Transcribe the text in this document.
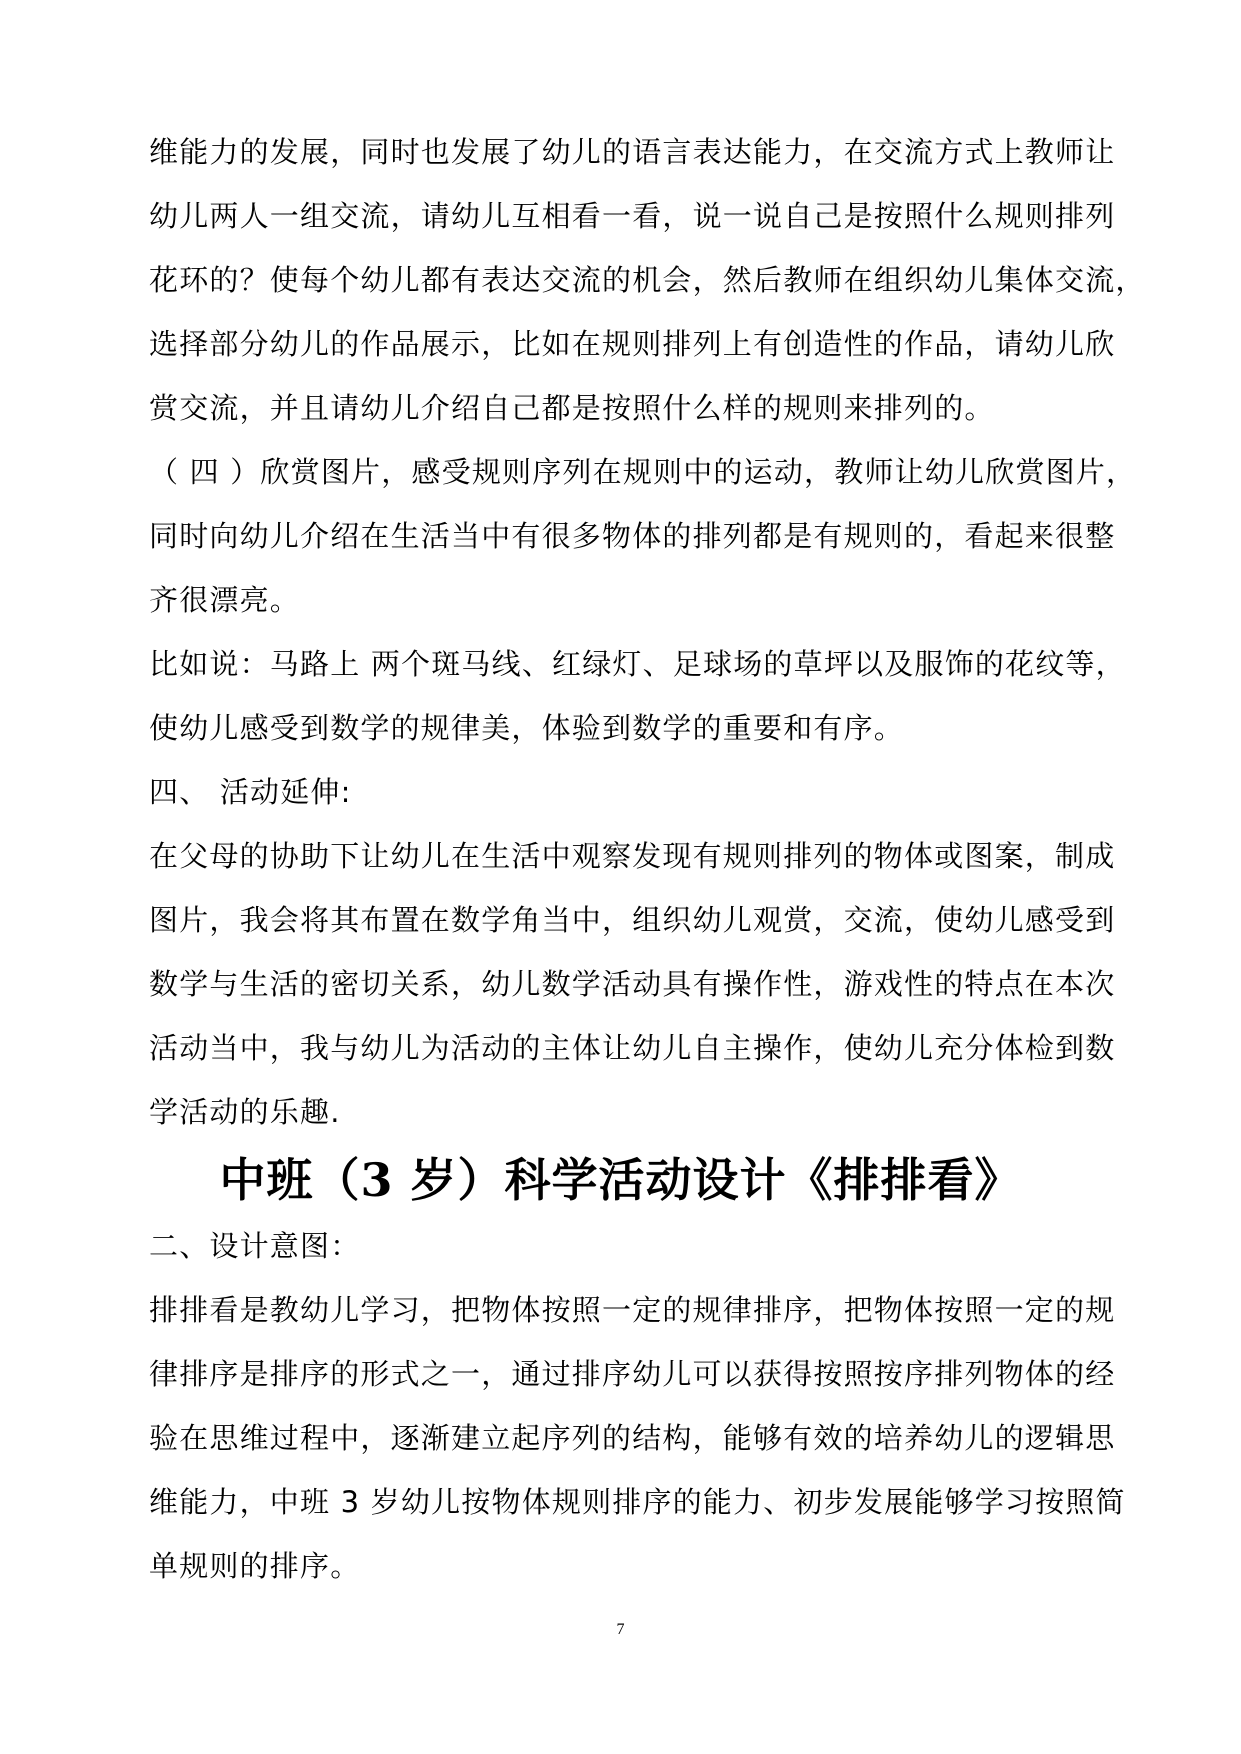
维能力的发展，同时也发展了幼儿的语言表达能力，在交流方式上教师让
幼儿两人一组交流，请幼儿互相看一看，说一说自己是按照什么规则排列
花环的？使每个幼儿都有表达交流的机会，然后教师在组织幼儿集体交流，
选择部分幼儿的作品展示，比如在规则排列上有创造性的作品，请幼儿欣
赏交流，并且请幼儿介绍自己都是按照什么样的规则来排列的。
（ 四 ）欣赏图片，感受规则序列在规则中的运动，教师让幼儿欣赏图片，
同时向幼儿介绍在生活当中有很多物体的排列都是有规则的，看起来很整
齐很漂亮。
比如说：马路上 两个斑马线、红绿灯、足球场的草坪以及服饰的花纹等，
使幼儿感受到数学的规律美，体验到数学的重要和有序。
四、 活动延伸:
在父母的协助下让幼儿在生活中观察发现有规则排列的物体或图案，制成
图片，我会将其布置在数学角当中，组织幼儿观赏，交流，使幼儿感受到
数学与生活的密切关系，幼儿数学活动具有操作性，游戏性的特点在本次
活动当中，我与幼儿为活动的主体让幼儿自主操作，使幼儿充分体检到数
学活动的乐趣.
中班（3 岁）科学活动设计《排排看》
二、设计意图：
排排看是教幼儿学习，把物体按照一定的规律排序，把物体按照一定的规
律排序是排序的形式之一，通过排序幼儿可以获得按照按序排列物体的经
验在思维过程中，逐渐建立起序列的结构，能够有效的培养幼儿的逻辑思
维能力，中班 3 岁幼儿按物体规则排序的能力、初步发展能够学习按照简
单规则的排序。
7
